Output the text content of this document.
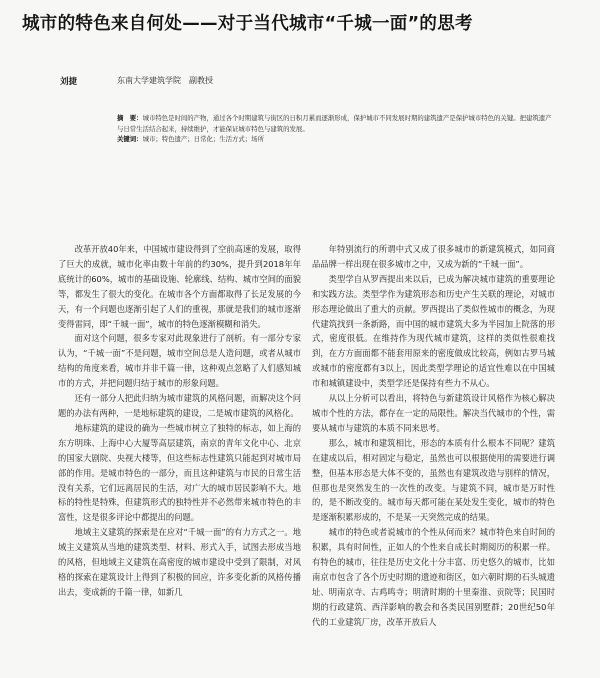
城市的特色来自何处——对于当代城市“千城一面”的思考
刘捷	东南大学建筑学院　副教授
摘　要：城市特色是时间的产物，通过各个时期建筑与街区的日积月累而逐渐形成，保护城市不同发展时期的建筑遗产是保护城市特色的关键。把建筑遗产与日常生活结合起来，持续维护，才能保证城市特色与建筑的发展。
关键词：城市；特色遗产；日常化；生活方式；场所

改革开放40年来，中国城市建设得到了空前高速的发展，取得了巨大的成就，城市化率由数十年前的约30%，提升到2018年年底统计的60%，城市的基础设施、轮廓线、结构、城市空间的面貌等，都发生了很大的变化。在城市各个方面都取得了长足发展的今天，有一个问题也逐渐引起了人们的重视，那就是我们的城市逐渐变得雷同，即“千城一面”，城市的特色逐渐模糊和消失。

面对这个问题，很多专家对此现象进行了剖析。有一部分专家认为，“千城一面”不是问题，城市空间总是人造问题，或者从城市结构的角度来看，城市并非千篇一律，这种观点忽略了人们感知城市的方式，并把问题归结于城市的形象问题。

还有一部分人把此归纳为城市建筑的风格问题，而解决这个问题的办法有两种，一是地标建筑的建设，二是城市建筑的风格化。

地标建筑的建设的确为一些城市树立了独特的标志，如上海的东方明珠、上海中心大厦等高层建筑，南京的青年文化中心、北京的国家大剧院、央视大楼等，但这些标志性建筑只能起到对城市局部的作用。是城市特色的一部分，而且这种建筑与市民的日常生活没有关系，它们远离居民的生活，对广大的城市居民影响不大。地标的特性是特殊，但建筑形式的独特性并不必然带来城市特色的丰富性，这是很多评论中都提出的问题。

地域主义建筑的探索是在应对“千城一面”的有力方式之一。地域主义建筑从当地的建筑类型、材料、形式入手，试图去形成当地的风格，但地域主义建筑在高密度的城市建设中受到了限制，对风格的探索在建筑设计上得到了积极的回应，许多变化新的风格传播出去，变成新的千篇一律，如新几

年特别流行的所谓中式又成了很多城市的新建筑模式，如同商品品牌一样出现在很多城市之中，又成为新的“千城一面”。

类型学自从罗西提出来以后，已成为解决城市建筑的重要理论和实践方法。类型学作为建筑形态和历史产生关联的理论，对城市形态理论做出了重大的贡献。罗西提出了类似性城市的概念，为现代建筑找到一条新路，而中国的城市建筑大多为半园加上院落的形式，密度很低。在维持作为现代城市建筑，这样的类似性很难找到，在方方面面都不能套用原来的密度做成比较高，例如古罗马城或城市的密度都有3以上，因此类型学理论的适宜性难以在中国城市和城镇建设中，类型学还是保持有些力不从心。

从以上分析可以看出，将特色与新建筑设计风格作为核心解决城市个性的方法，都存在一定的局限性。解决当代城市的个性，需要从城市与建筑的本质不同来思考。

那么，城市和建筑相比，形态的本质有什么根本不同呢？建筑在建成以后，相对固定与稳定，虽然也可以根据使用的需要进行调整，但基本形态是大体不变的，虽然也有建筑改造与别样的情况，但那也是突然发生的一次性的改变。与建筑不同，城市是万时性的，是不断改变的。城市每天都可能在某处发生变化，城市的特色是逐渐积累形成的，不是某一天突然完成的结果。

城市的特色或者说城市的个性从何而来？城市特色来自时间的积累，具有时间性，正如人的个性来自成长时期阅历的积累一样。有特色的城市，往往是历史文化十分丰富、历史悠久的城市，比如南京市包含了各个历史时期的遗迹和街区，如六朝时期的石头城遗址、明南京寺、古鸡鸣寺；明清时期的十里秦淮、贡院等；民国时期的行政建筑、西洋影响的教会和各类民国别墅群；20世纪50年代的工业建筑厂房，改革开放后人
